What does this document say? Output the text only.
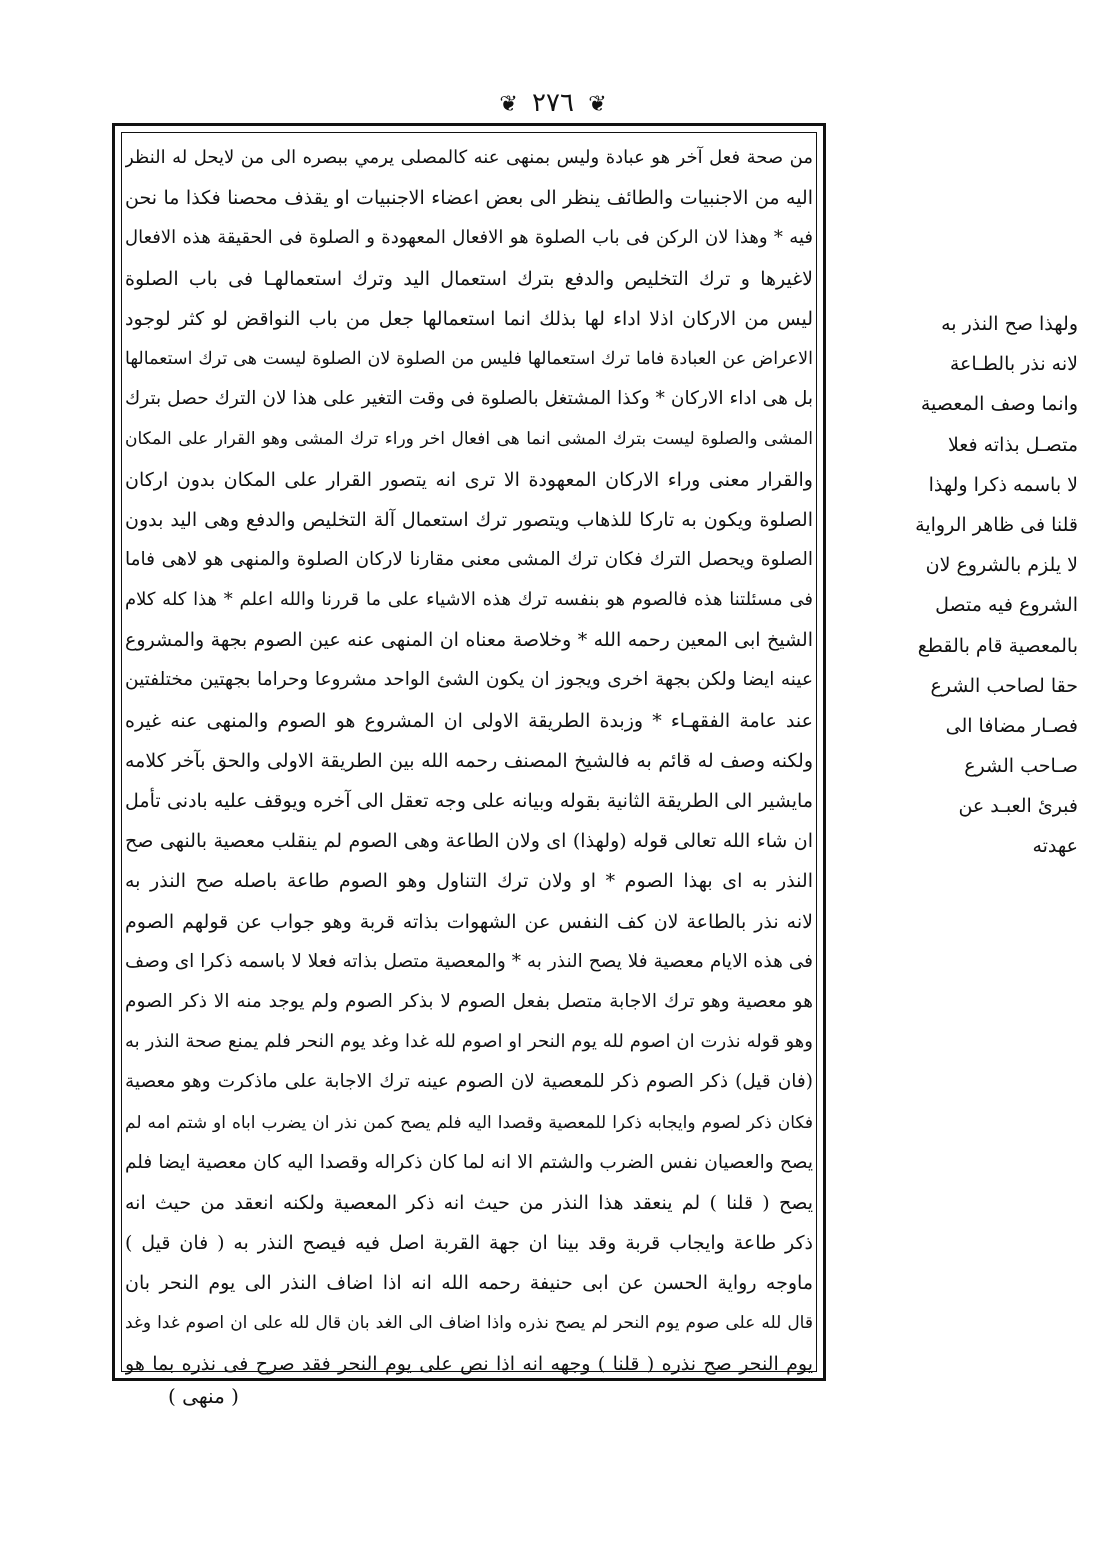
❦ ٢٧٦ ❦
من صحة فعل آخر هو عبادة وليس بمنهى عنه كالمصلى يرمي ببصره الى من لايحل له النظر
اليه من الاجنبيات والطائف ينظر الى بعض اعضاء الاجنبيات او يقذف محصنا فكذا ما نحن
فيه * وهذا لان الركن فى باب الصلوة هو الافعال المعهودة و الصلوة فى الحقيقة هذه الافعال
لاغيرها و ترك التخليص والدفع بترك استعمال اليد وترك استعمالهـا فى باب الصلوة
ليس من الاركان اذلا اداء لها بذلك انما استعمالها جعل من باب النواقض لو كثر لوجود
الاعراض عن العبادة فاما ترك استعمالها فليس من الصلوة لان الصلوة ليست هى ترك استعمالها
بل هى اداء الاركان * وكذا المشتغل بالصلوة فى وقت التغير على هذا لان الترك حصل بترك
المشى والصلوة ليست بترك المشى انما هى افعال اخر وراء ترك المشى وهو القرار على المكان
والقرار معنى وراء الاركان المعهودة الا ترى انه يتصور القرار على المكان بدون اركان
الصلوة ويكون به تاركا للذهاب ويتصور ترك استعمال آلة التخليص والدفع وهى اليد بدون
الصلوة ويحصل الترك فكان ترك المشى معنى مقارنا لاركان الصلوة والمنهى هو لاهى فاما
فى مسئلتنا هذه فالصوم هو بنفسه ترك هذه الاشياء على ما قررنا والله اعلم * هذا كله كلام
الشيخ ابى المعين رحمه الله * وخلاصة معناه ان المنهى عنه عين الصوم بجهة والمشروع
عينه ايضا ولكن بجهة اخرى ويجوز ان يكون الشئ الواحد مشروعا وحراما بجهتين مختلفتين
عند عامة الفقهـاء * وزبدة الطريقة الاولى ان المشروع هو الصوم والمنهى عنه غيره
ولكنه وصف له قائم به فالشيخ المصنف رحمه الله بين الطريقة الاولى والحق بآخر كلامه
مايشير الى الطريقة الثانية بقوله وبيانه على وجه تعقل الى آخره ويوقف عليه بادنى تأمل
ان شاء الله تعالى قوله (ولهذا) اى ولان الطاعة وهى الصوم لم ينقلب معصية بالنهى صح
النذر به اى بهذا الصوم * او ولان ترك التناول وهو الصوم طاعة باصله صح النذر به
لانه نذر بالطاعة لان كف النفس عن الشهوات بذاته قربة وهو جواب عن قولهم الصوم
فى هذه الايام معصية فلا يصح النذر به * والمعصية متصل بذاته فعلا لا باسمه ذكرا اى وصف
هو معصية وهو ترك الاجابة متصل بفعل الصوم لا بذكر الصوم ولم يوجد منه الا ذكر الصوم
وهو قوله نذرت ان اصوم لله يوم النحر او اصوم لله غدا وغد يوم النحر فلم يمنع صحة النذر به
(فان قيل) ذكر الصوم ذكر للمعصية لان الصوم عينه ترك الاجابة على ماذكرت وهو معصية
فكان ذكر لصوم وايجابه ذكرا للمعصية وقصدا اليه فلم يصح كمن نذر ان يضرب اباه او شتم امه لم
يصح والعصيان نفس الضرب والشتم الا انه لما كان ذكراله وقصدا اليه كان معصية ايضا فلم
يصح ( قلنا ) لم ينعقد هذا النذر من حيث انه ذكر المعصية ولكنه انعقد من حيث انه
ذكر طاعة وايجاب قربة وقد بينا ان جهة القربة اصل فيه فيصح النذر به ( فان قيل )
ماوجه رواية الحسن عن ابى حنيفة رحمه الله انه اذا اضاف النذر الى يوم النحر بان
قال لله على صوم يوم النحر لم يصح نذره واذا اضاف الى الغد بان قال لله على ان اصوم غدا وغد
يوم النحر صح نذره ( قلنا ) وجهه انه اذا نص على يوم النحر فقد صرح فى نذره بما هو
ولهذا صح النذر به
لانه نذر بالطـاعة
وانما وصف المعصية
متصـل بذاته فعلا
لا باسمه ذكرا ولهذا
قلنا فى ظاهر الرواية
لا يلزم بالشروع لان
الشروع فيه متصل
بالمعصية قام بالقطع
حقا لصاحب الشرع
فصـار مضافا الى
صـاحب الشرع
فبرئ العبـد عن
عهدته
( منهى )
